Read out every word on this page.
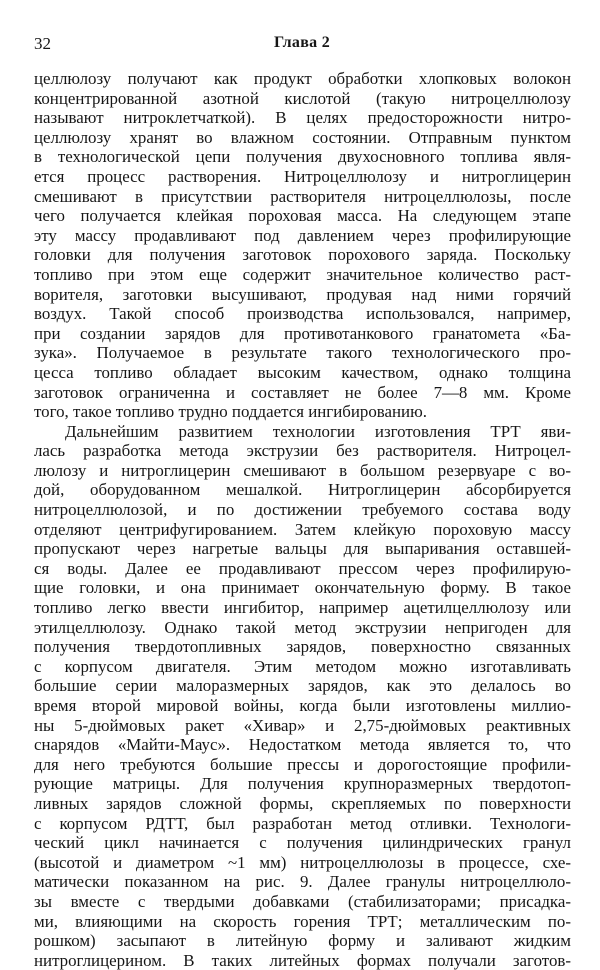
32	Глава 2
целлюлозу получают как продукт обработки хлопковых волокон
концентрированной азотной кислотой (такую нитроцеллюлозу
называют нитроклетчаткой). В целях предосторожности нитро-
целлюлозу хранят во влажном состоянии. Отправным пунктом
в технологической цепи получения двухосновного топлива явля-
ется процесс растворения. Нитроцеллюлозу и нитроглицерин
смешивают в присутствии растворителя нитроцеллюлозы, после
чего получается клейкая пороховая масса. На следующем этапе
эту массу продавливают под давлением через профилирующие
головки для получения заготовок порохового заряда. Поскольку
топливо при этом еще содержит значительное количество раст-
ворителя, заготовки высушивают, продувая над ними горячий
воздух. Такой способ производства использовался, например,
при создании зарядов для противотанкового гранатомета «Ба-
зука». Получаемое в результате такого технологического про-
цесса топливо обладает высоким качеством, однако толщина
заготовок ограниченна и составляет не более 7—8 мм. Кроме
того, такое топливо трудно поддается ингибированию.
Дальнейшим развитием технологии изготовления ТРТ яви-
лась разработка метода экструзии без растворителя. Нитроцел-
люлозу и нитроглицерин смешивают в большом резервуаре с во-
дой, оборудованном мешалкой. Нитроглицерин абсорбируется
нитроцеллюлозой, и по достижении требуемого состава воду
отделяют центрифугированием. Затем клейкую пороховую массу
пропускают через нагретые вальцы для выпаривания оставшей-
ся воды. Далее ее продавливают прессом через профилирую-
щие головки, и она принимает окончательную форму. В такое
топливо легко ввести ингибитор, например ацетилцеллюлозу или
этилцеллюлозу. Однако такой метод экструзии непригоден для
получения твердотопливных зарядов, поверхностно связанных
с корпусом двигателя. Этим методом можно изготавливать
большие серии малоразмерных зарядов, как это делалось во
время второй мировой войны, когда были изготовлены миллио-
ны 5-дюймовых ракет «Хивар» и 2,75-дюймовых реактивных
снарядов «Майти-Маус». Недостатком метода является то, что
для него требуются большие прессы и дорогостоящие профили-
рующие матрицы. Для получения крупноразмерных твердотоп-
ливных зарядов сложной формы, скрепляемых по поверхности
с корпусом РДТТ, был разработан метод отливки. Технологи-
ческий цикл начинается с получения цилиндрических гранул
(высотой и диаметром ~1 мм) нитроцеллюлозы в процессе, схе-
матически показанном на рис. 9. Далее гранулы нитроцеллюло-
зы вместе с твердыми добавками (стабилизаторами; присадка-
ми, влияющими на скорость горения ТРТ; металлическим по-
рошком) засыпают в литейную форму и заливают жидким
нитроглицерином. В таких литейных формах получали заготов-
